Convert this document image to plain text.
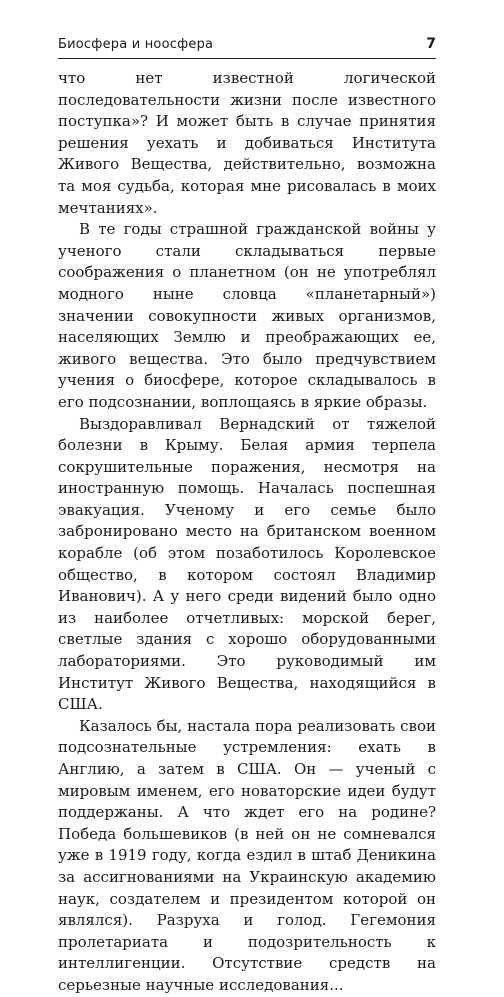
Биосфера и ноосфера	7

что нет известной логической последовательности жизни после известного поступка»? И может быть в случае принятия решения уехать и добиваться Института Живого Вещества, действительно, возможна та моя судьба, которая мне рисовалась в моих мечтаниях».

В те годы страшной гражданской войны у ученого стали складываться первые соображения о планетном (он не употреблял модного ныне словца «планетарный») значении совокупности живых организмов, населяющих Землю и преображающих ее, живого вещества. Это было предчувствием учения о биосфере, которое складывалось в его подсознании, воплощаясь в яркие образы.

Выздоравливал Вернадский от тяжелой болезни в Крыму. Белая армия терпела сокрушительные поражения, несмотря на иностранную помощь. Началась поспешная эвакуация. Ученому и его семье было забронировано место на британском военном корабле (об этом позаботилось Королевское общество, в котором состоял Владимир Иванович). А у него среди видений было одно из наиболее отчетливых: морской берег, светлые здания с хорошо оборудованными лабораториями. Это руководимый им Институт Живого Вещества, находящийся в США.

Казалось бы, настала пора реализовать свои подсознательные устремления: ехать в Англию, а затем в США. Он — ученый с мировым именем, его новаторские идеи будут поддержаны. А что ждет его на родине? Победа большевиков (в ней он не сомневался уже в 1919 году, когда ездил в штаб Деникина за ассигнованиями на Украинскую академию наук, создателем и президентом которой он являлся). Разруха и голод. Гегемония пролетариата и подозрительность к интеллигенции. Отсутствие средств на серьезные научные исследования...
